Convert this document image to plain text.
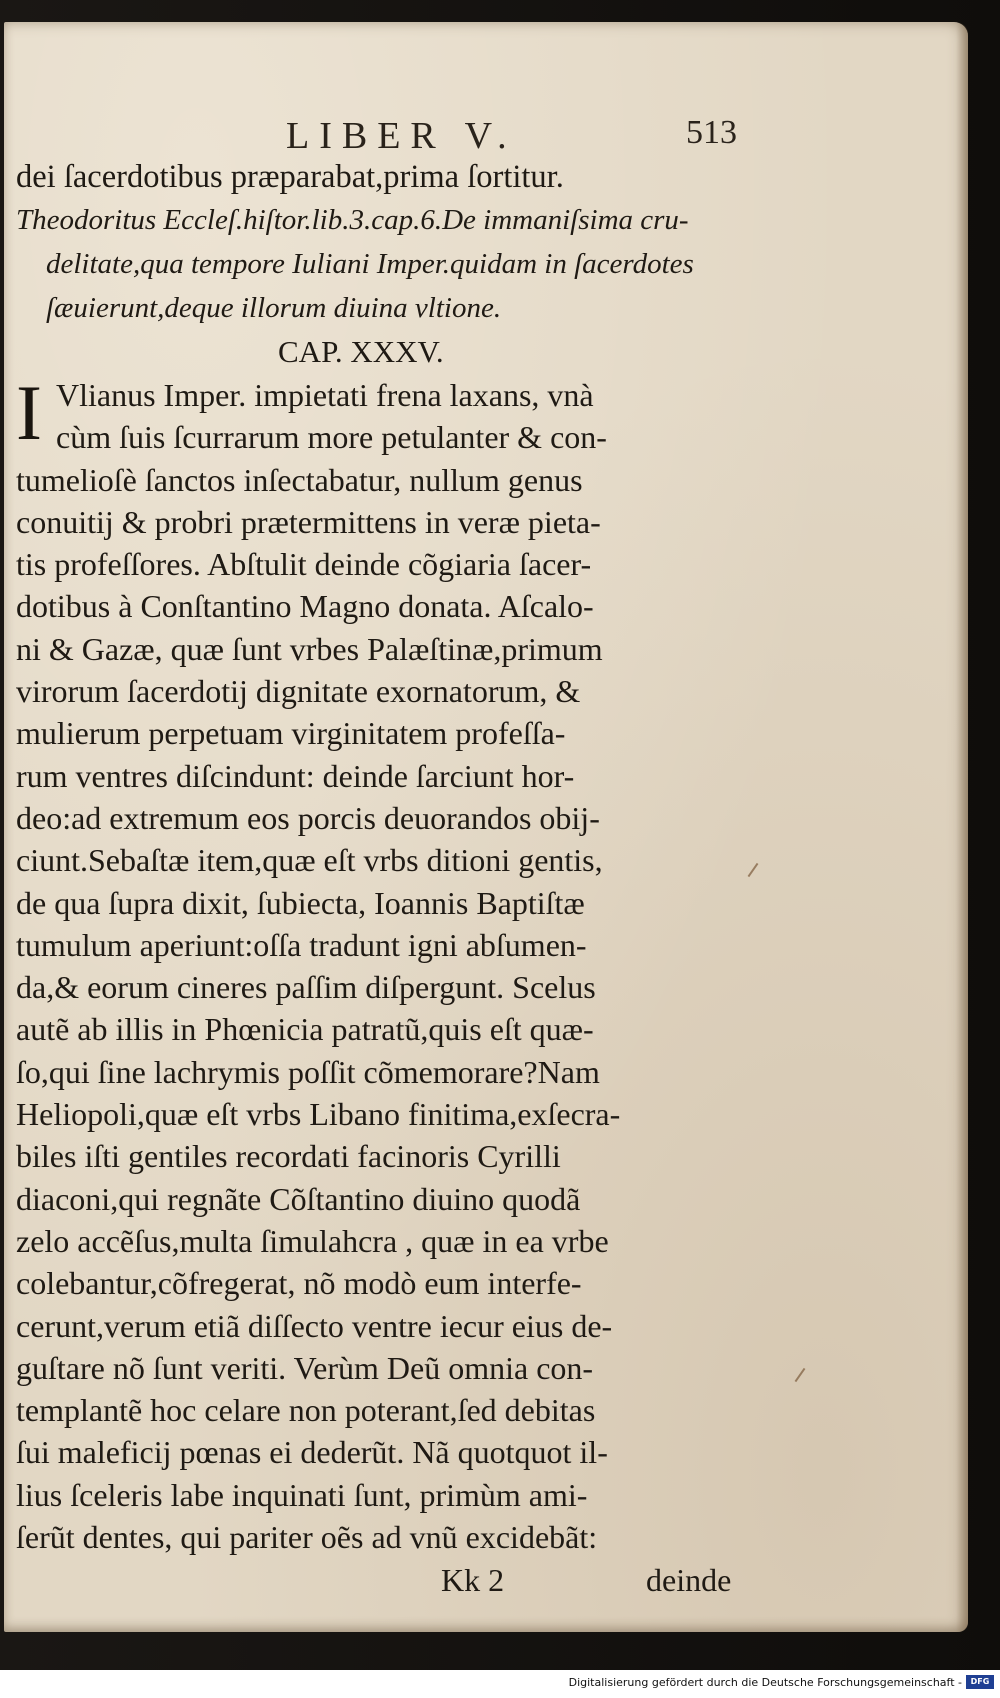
LIBER V.	513
dei ſacerdotibus præparabat,prima ſortitur.
Theodoritus Eccleſ.hiſtor.lib.3.cap.6.De immaniſsima cru-
delitate,qua tempore Iuliani Imper.quidam in ſacerdotes
ſæuierunt,deque illorum diuina vltione.
CAP. XXXV.
I Vlianus Imper. impietati frena laxans, vnà
cùm ſuis ſcurrarum more petulanter & con-
tumelioſè ſanctos inſectabatur, nullum genus
conuitij & probri prætermittens in veræ pieta-
tis profeſſores. Abſtulit deinde cõgiaria ſacer-
dotibus à Conſtantino Magno donata. Aſcalo-
ni & Gazæ, quæ ſunt vrbes Palæſtinæ,primum
virorum ſacerdotij dignitate exornatorum, &
mulierum perpetuam virginitatem profeſſa-
rum ventres diſcindunt: deinde ſarciunt hor-
deo:ad extremum eos porcis deuorandos obij-
ciunt.Sebaſtæ item,quæ eſt vrbs ditioni gentis,
de qua ſupra dixit, ſubiecta, Ioannis Baptiſtæ
tumulum aperiunt:oſſa tradunt igni abſumen-
da,& eorum cineres paſſim diſpergunt. Scelus
autẽ ab illis in Phœnicia patratũ,quis eſt quæ-
ſo,qui ſine lachrymis poſſit cõmemorare?Nam
Heliopoli,quæ eſt vrbs Libano finitima,exſecra-
biles iſti gentiles recordati facinoris Cyrilli
diaconi,qui regnãte Cõſtantino diuino quodã
zelo accẽſus,multa ſimulahcra , quæ in ea vrbe
colebantur,cõfregerat, nõ modò eum interfe-
cerunt,verum etiã diſſecto ventre iecur eius de-
guſtare nõ ſunt veriti. Verùm Deũ omnia con-
templantẽ hoc celare non poterant,ſed debitas
ſui maleficij pœnas ei dederũt. Nã quotquot il-
lius ſceleris labe inquinati ſunt, primùm ami-
ſerũt dentes, qui pariter oẽs ad vnũ excidebãt:
Kk 2	deinde
Digitalisierung gefördert durch die Deutsche Forschungsgemeinschaft -	DFG
